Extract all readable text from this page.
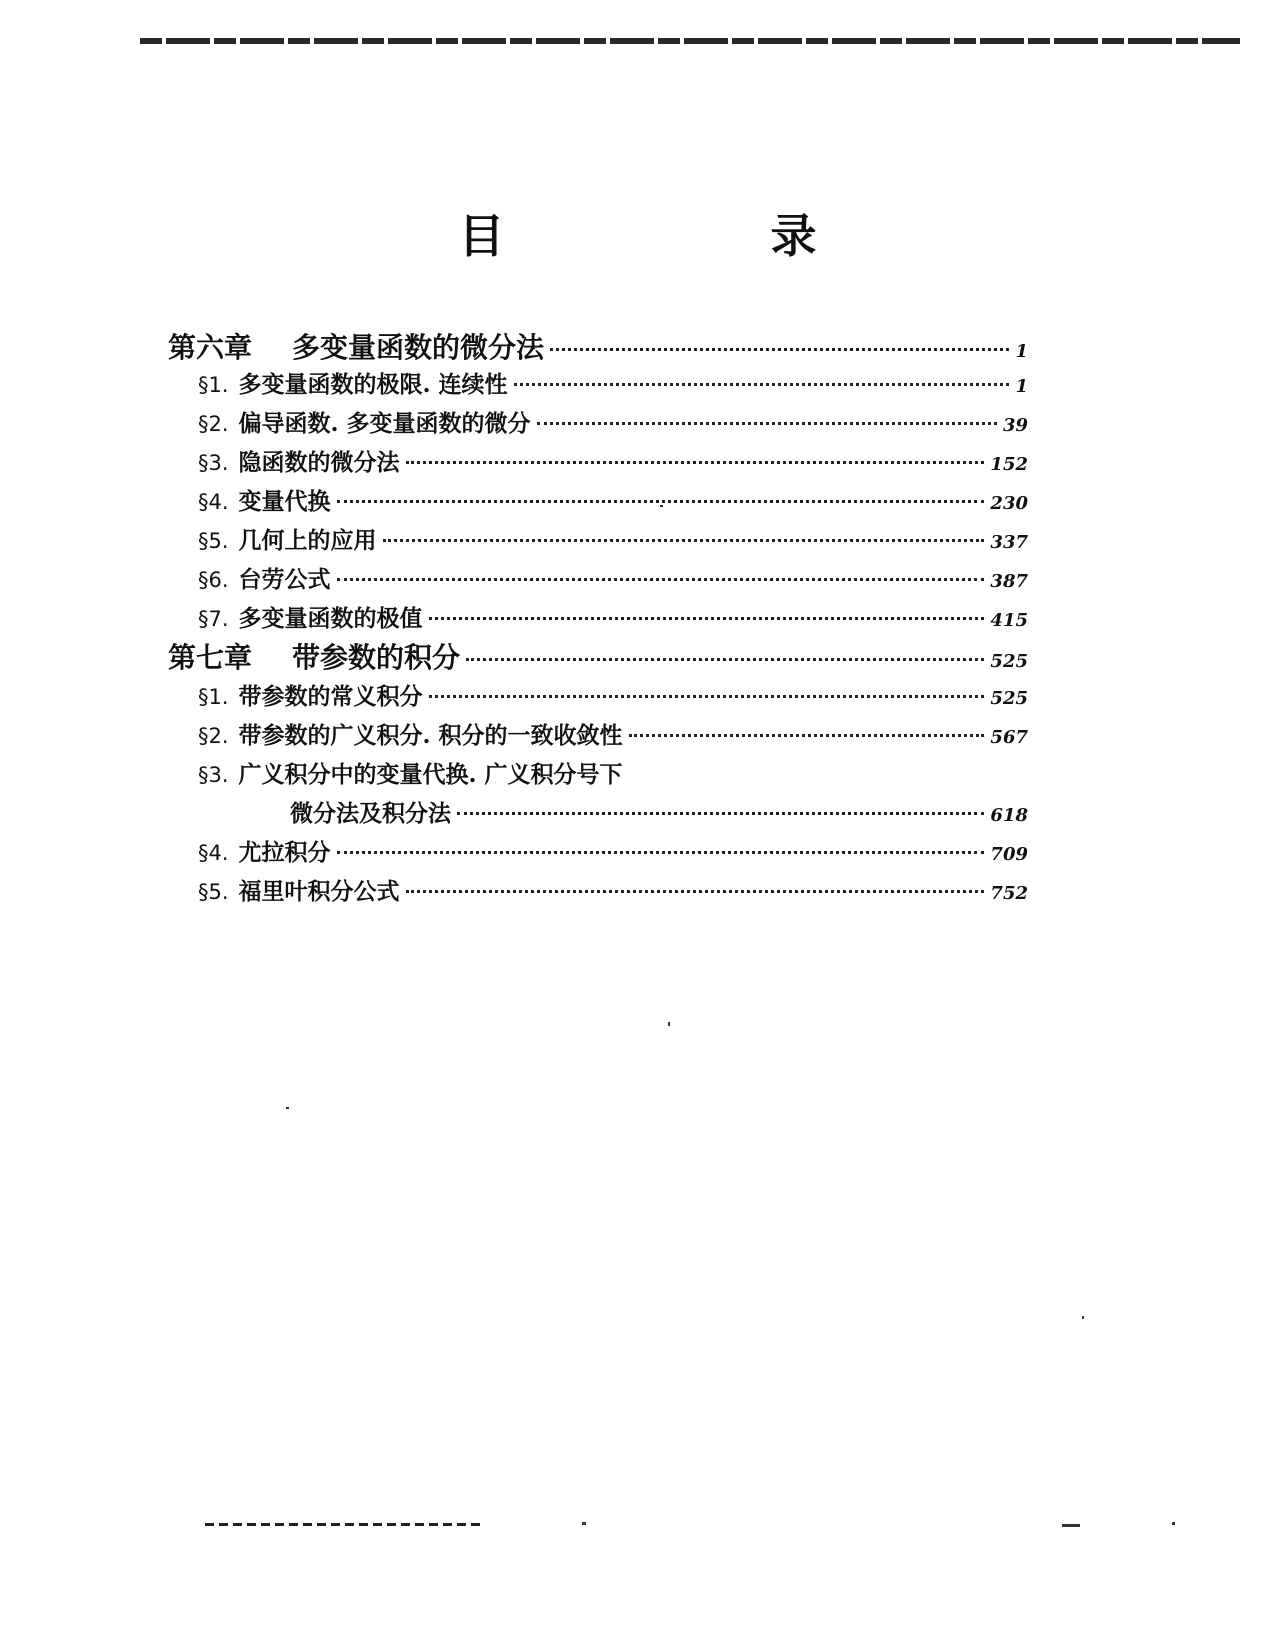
目　录
第六章 多变量函数的微分法	1
§1. 多变量函数的极限. 连续性	1
§2. 偏导函数. 多变量函数的微分	39
§3. 隐函数的微分法	152
§4. 变量代换	230
§5. 几何上的应用	337
§6. 台劳公式	387
§7. 多变量函数的极值	415
第七章 带参数的积分	525
§1. 带参数的常义积分	525
§2. 带参数的广义积分. 积分的一致收敛性	567
§3. 广义积分中的变量代换. 广义积分号下
微分法及积分法	618
§4. 尤拉积分	709
§5. 福里叶积分公式	752
